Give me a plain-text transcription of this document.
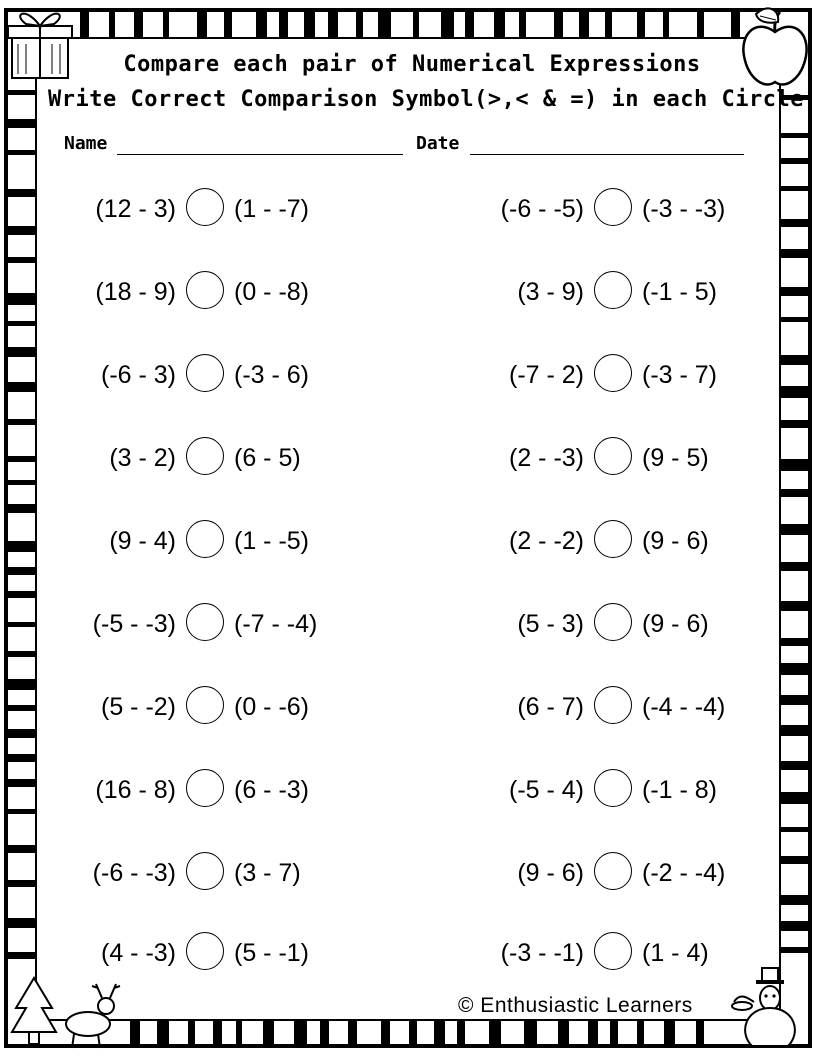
Compare each pair of Numerical Expressions
Write Correct Comparison Symbol(>,< & =) in each Circle
Name	Date
(12 - 3) (1 - -7)
(18 - 9) (0 - -8)
(-6 - 3) (-3 - 6)
(3 - 2) (6 - 5)
(9 - 4) (1 - -5)
(-5 - -3) (-7 - -4)
(5 - -2) (0 - -6)
(16 - 8) (6 - -3)
(-6 - -3) (3 - 7)
(4 - -3) (5 - -1)
(-6 - -5) (-3 - -3)
(3 - 9) (-1 - 5)
(-7 - 2) (-3 - 7)
(2 - -3) (9 - 5)
(2 - -2) (9 - 6)
(5 - 3) (9 - 6)
(6 - 7) (-4 - -4)
(-5 - 4) (-1 - 8)
(9 - 6) (-2 - -4)
(-3 - -1) (1 - 4)
© Enthusiastic Learners
